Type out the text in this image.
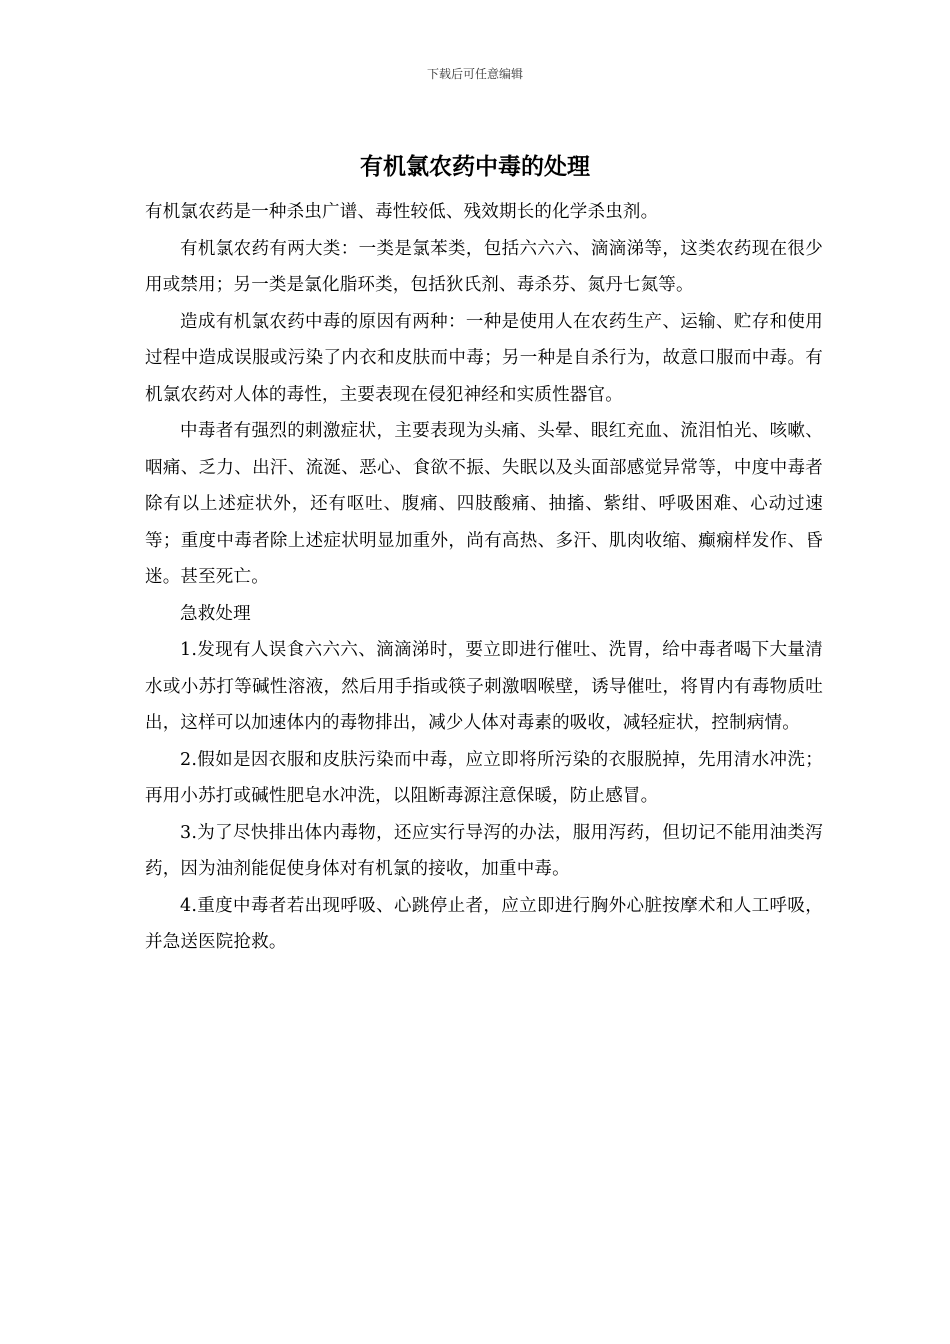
下载后可任意编辑
有机氯农药中毒的处理

有机氯农药是一种杀虫广谱、毒性较低、残效期长的化学杀虫剂。

有机氯农药有两大类：一类是氯苯类，包括六六六、滴滴涕等，这类农药现在很少用或禁用；另一类是氯化脂环类，包括狄氏剂、毒杀芬、氮丹七氮等。

造成有机氯农药中毒的原因有两种：一种是使用人在农药生产、运输、贮存和使用过程中造成误服或污染了内衣和皮肤而中毒；另一种是自杀行为，故意口服而中毒。有机氯农药对人体的毒性，主要表现在侵犯神经和实质性器官。

中毒者有强烈的刺激症状，主要表现为头痛、头晕、眼红充血、流泪怕光、咳嗽、咽痛、乏力、出汗、流涎、恶心、食欲不振、失眠以及头面部感觉异常等，中度中毒者除有以上述症状外，还有呕吐、腹痛、四肢酸痛、抽搐、紫绀、呼吸困难、心动过速等；重度中毒者除上述症状明显加重外，尚有高热、多汗、肌肉收缩、癫痫样发作、昏迷。甚至死亡。

急救处理

1.发现有人误食六六六、滴滴涕时，要立即进行催吐、洗胃，给中毒者喝下大量清水或小苏打等碱性溶液，然后用手指或筷子刺激咽喉壁，诱导催吐，将胃内有毒物质吐出，这样可以加速体内的毒物排出，减少人体对毒素的吸收，减轻症状，控制病情。

2.假如是因衣服和皮肤污染而中毒，应立即将所污染的衣服脱掉，先用清水冲洗；再用小苏打或碱性肥皂水冲洗，以阻断毒源注意保暖，防止感冒。

3.为了尽快排出体内毒物，还应实行导泻的办法，服用泻药，但切记不能用油类泻药，因为油剂能促使身体对有机氯的接收，加重中毒。

4.重度中毒者若出现呼吸、心跳停止者，应立即进行胸外心脏按摩术和人工呼吸，并急送医院抢救。
